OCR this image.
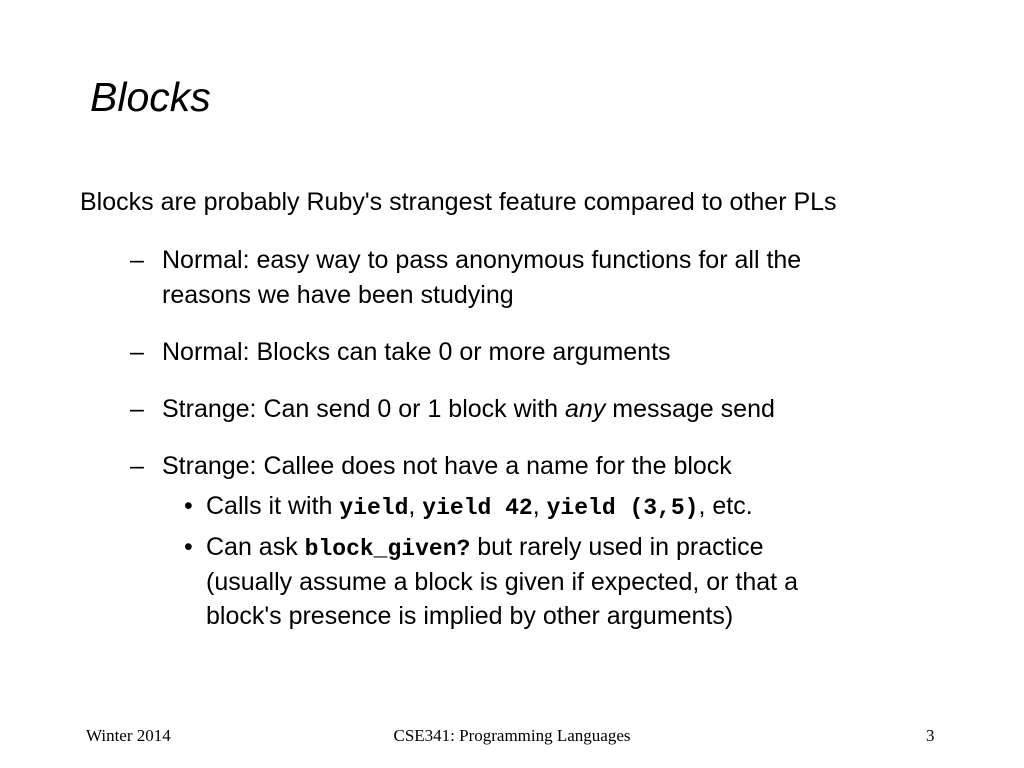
Blocks
Blocks are probably Ruby's strangest feature compared to other PLs
– Normal: easy way to pass anonymous functions for all the
reasons we have been studying
– Normal: Blocks can take 0 or more arguments
– Strange: Can send 0 or 1 block with any message send
– Strange: Callee does not have a name for the block
• Calls it with yield, yield 42, yield (3,5), etc.
• Can ask block_given? but rarely used in practice
(usually assume a block is given if expected, or that a
block's presence is implied by other arguments)
Winter 2014	CSE341: Programming Languages	3
